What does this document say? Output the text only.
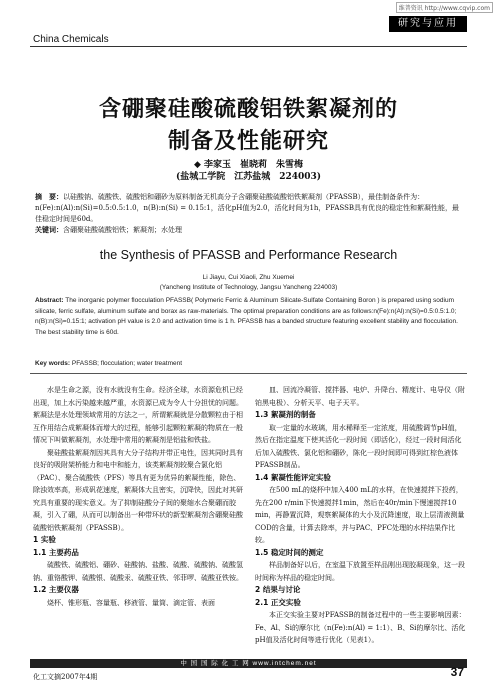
维普资讯 http://www.cqvip.com
研究与应用
China Chemicals
含硼聚硅酸硫酸铝铁絮凝剂的
制备及性能研究
◆ 李家玉　崔晓莉　朱雪梅
(盐城工学院　江苏盐城　224003)
摘　要：以硅酸钠、硫酸铁、硫酸铝和硼砂为原料制备无机高分子含硼聚硅酸硫酸铝铁絮凝剂（PFASSB），最佳制备条件为：n(Fe):n(Al):n(Si)=0.5:0.5:1.0，n(B):n(Si) = 0.15:1，活化pH值为2.0，活化时间为1h，PFASSB具有优良的稳定性和絮凝性能，最佳稳定时间是60d。
关键词：含硼聚硅酸硫酸铝铁；絮凝剂；水处理
the Synthesis of PFASSB and Performance Research
Li Jiayu, Cui Xiaoli, Zhu Xuemei
(Yancheng Institute of Technology, Jangsu Yancheng 224003)
Abstract: The inorganic polymer flocculation PFASSB( Polymeric Ferric & Aluminum Silicate-Sulfate Containing Boron ) is prepared using sodium silicate, ferric sulfate, aluminum sulfate and borax as raw-materials. The optimal preparation conditions are as follows:n(Fe):n(Al):n(Si)=0.5:0.5:1.0; n(B):n(Si)=0.15:1; activation pH value is 2.0 and activation time is 1 h. PFASSB has a banded structure featuring excellent stability and flocculation. The best stability time is 60d.
Key words: PFASSB; flocculation; water treatment

水是生命之源，没有水就没有生命。经济全球，水资源危机已经出现，加上水污染越来越严重，水资源已成为令人十分担忧的问题。絮凝法是水处理领域常用的方法之一，所谓絮凝就是分散颗粒由于相互作用结合成絮凝体而增大的过程，能够引起颗粒絮凝的物质在一般情况下叫做絮凝剂，水处理中常用的絮凝剂是铝盐和铁盐。

聚硅酸盐絮凝剂因其具有大分子结构并带正电性，因其同时具有良好的吸附架桥能力和电中和能力，该类絮凝剂较聚合氯化铝（PAC）、聚合硫酸铁（PFS）等具有更为优异的絮凝性能，除色、除浊效率高，形成矾花速度，絮凝体大且密实，沉降快，因此对其研究具有重要的现实意义。为了抑制硅酸分子间的聚缩水合聚硼而胶凝，引入了硼，从而可以制备出一种带环状的新型絮凝剂含硼聚硅酸硫酸铝铁絮凝剂（PFASSB）。

1 实验
1.1 主要药品

硫酸铁、硫酸铝、硼砂、硅酸钠、盐酸、硫酸、硫酸钠、硫酸氢钠、重铬酸钾、硫酸银、硫酸汞、硫酸亚铁、邻菲啰、硫酸亚铁铵。

1.2 主要仪器

烧杯、锥形瓶、容量瓶、移液管、量筒、滴定管、表面

皿、回流冷凝管、搅拌器、电炉、升降台、精度计、电导仪（附铂黑电极）、分析天平、电子天平。

1.3 絮凝剂的制备

取一定量的水玻璃，用水稀释至一定浓度，用硫酸调节pH值，然后在指定温度下使其活化一段时间（即活化），经过一段时间活化后加入硫酸铁、氯化铝和硼砂，陈化一段时间即可得到红棕色液体PFASSB制品。

1.4 絮凝性能评定实验

在500 mL的烧杯中加入400 mL的水样，在快速搅拌下投药，先在200 r/min下快速搅拌1min，然后在40r/min下慢速搅拌10 min，再静置沉降，观察絮凝体的大小及沉降速度，取上层清液测量COD的含量，计算去除率，并与PAC、PFC处理的水样结果作比较。

1.5 稳定时间的测定

样品制备好以后，在室温下放置至样品刚出现胶凝现象，这一段时间称为样品的稳定时间。

2 结果与讨论
2.1 正交实验

本正交实验主要对PFASSB的制备过程中的一些主要影响因素：Fe、Al、Si的摩尔比（n(Fe):n(Al) = 1:1）、B、Si的摩尔比、活化pH值及活化时间等进行优化（见表1）。

中 国 国 际 化 工 网 www.intchem.net
化工文摘2007年4期	37
